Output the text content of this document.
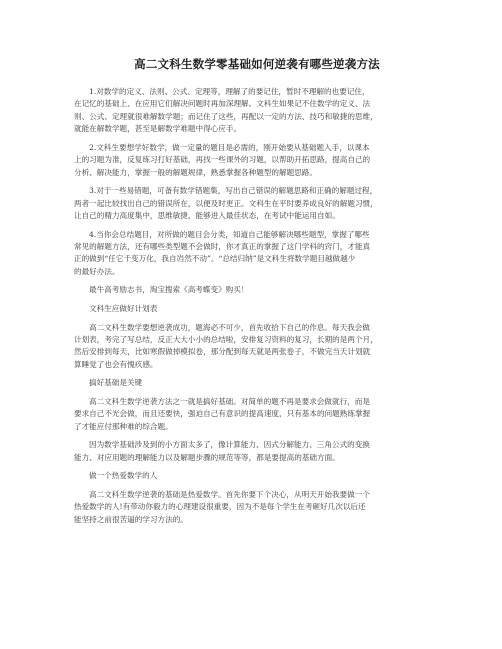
高二文科生数学零基础如何逆袭有哪些逆袭方法

1.对数学的定义、法则、公式、定理等，理解了的要记住，暂时不理解的也要记住，
在记忆的基础上、在应用它们解决问题时再加深理解。文科生如果记不住数学的定义、法
则、公式、定理就很难解数学题；而记住了这些，再配以一定的方法、技巧和敏捷的思维，
就能在解数学题，甚至是解数学难题中得心应手。

2.文科生要想学好数学，做一定量的题目是必需的，刚开始要从基础题入手，以课本
上的习题为准，反复练习打好基础，再找一些课外的习题，以帮助开拓思路，提高自己的
分析、解决能力，掌握一般的解题规律，熟悉掌握各种题型的解题思路。

3.对于一些易错题，可备有数学错题集，写出自己错误的解题思路和正确的解题过程，
两者一起比较找出自己的错误所在，以便及时更正。文科生在平时要养成良好的解题习惯，
让自己的精力高度集中，思维敏捷，能够进入最佳状态，在考试中能运用自如。

4.当你会总结题目，对所做的题目会分类，知道自己能够解决哪些题型，掌握了哪些
常见的解题方法，还有哪些类型题不会做时，你才真正的掌握了这门学科的窍门，才能真
正的做到“任它千变万化，我自岿然不动”。“总结归纳”是文科生将数学题目越做越少
的最好办法。

最牛高考励志书，淘宝搜索《高考蝶变》购买！

文科生应做好计划表

高二文科生数学要想逆袭成功，题海必不可少，首先收拾下自己的作息。每天我会做
计划表，考完了写总结，反正大大小小的总结啦，安排复习资料的复习，长期的是两个月，
然后安排到每天，比如寒假做掉模拟卷，那分配到每天就是两张卷子，不做完当天计划就
算睡觉了也会有愧疚感。

搞好基础是关键

高二文科生数学逆袭方法之一就是搞好基础。对简单的题不再是要求会做就行，而是
要求自己不光会做，而且还要快，强迫自己有意识的提高速度，只有基本的问题熟练掌握
了才能应付那种难的综合题。

因为数学基础涉及到的小方面太多了，像计算能力、因式分解能力、三角公式的变换
能力、对应用题的理解能力以及解题步骤的规范等等，都是要提高的基础方面。

做一个热爱数学的人

高二文科生数学逆袭的基础是热爱数学。首先你要下个决心，从明天开始我要做一个
热爱数学的人!有带动你毅力的心理建设很重要，因为不是每个学生在考砸好几次以后还
能坚持之前很苦逼的学习方法的。
